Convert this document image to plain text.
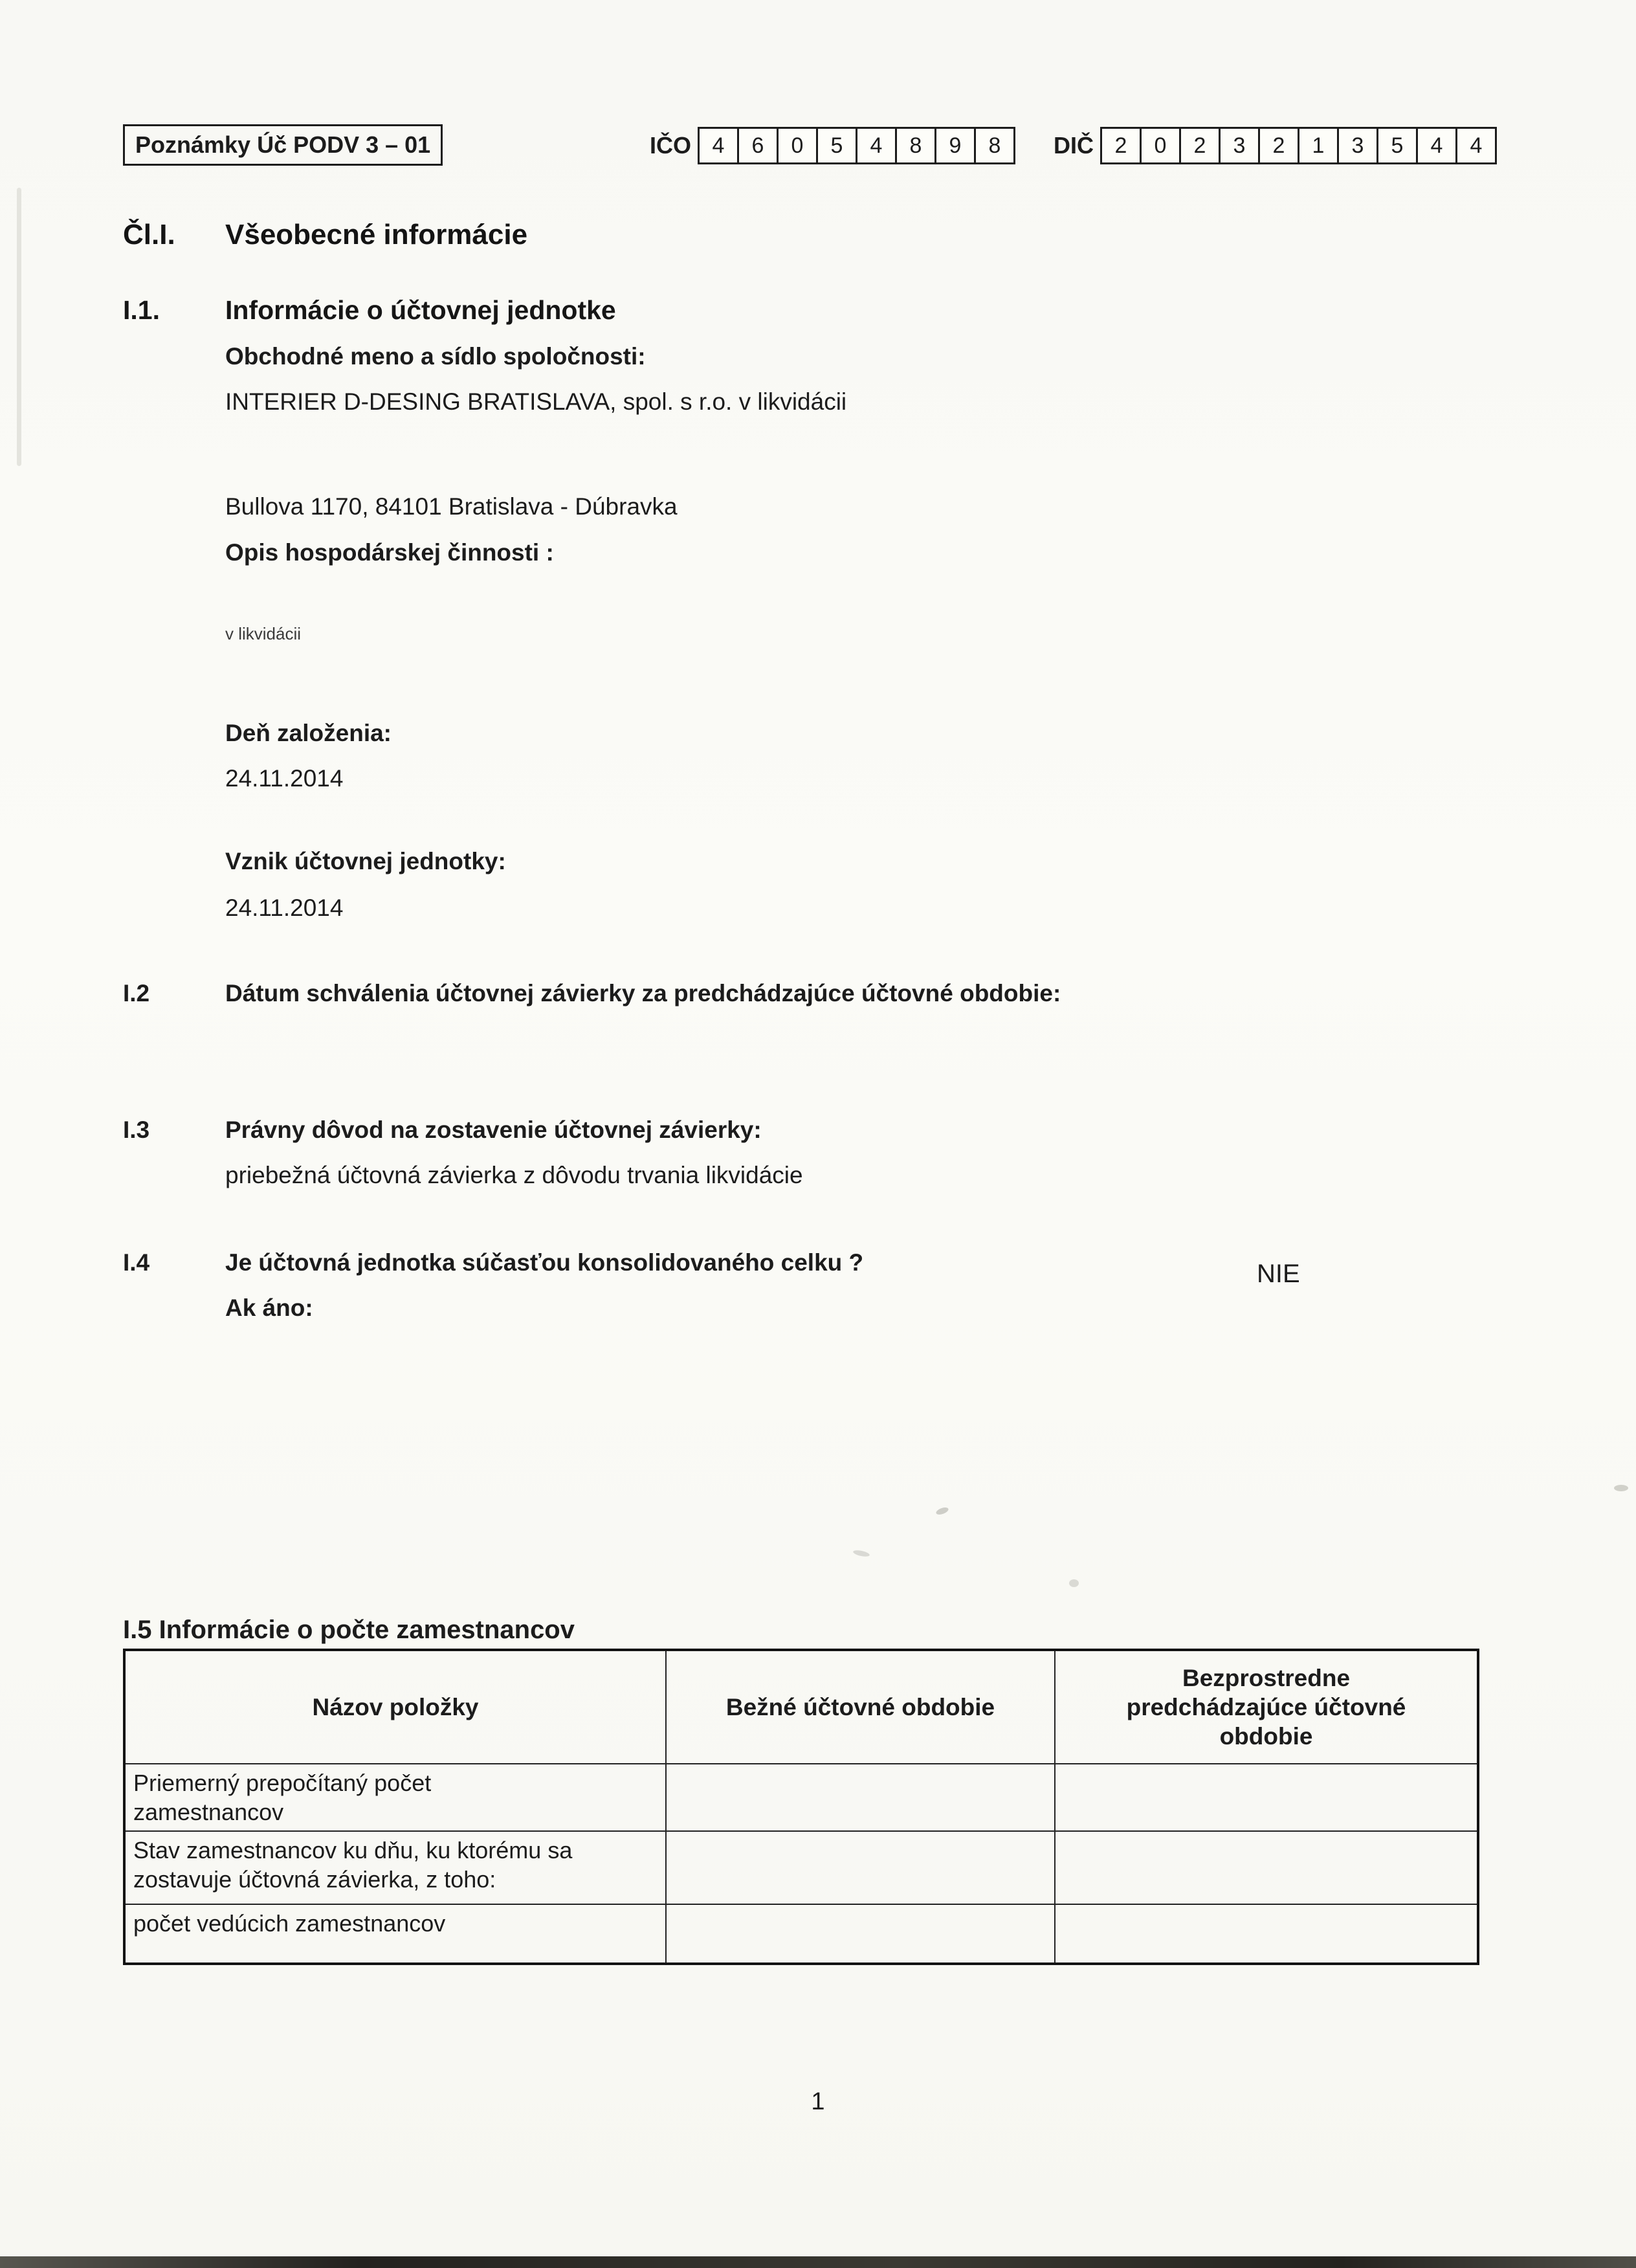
Poznámky Úč PODV 3 – 01	IČO 4	6	0	5	4	8	9	8	DIČ 2	0	2	3	2	1	3	5	4	4
Čl.I. Všeobecné informácie
I.1. Informácie o účtovnej jednotke
Obchodné meno a sídlo spoločnosti:
INTERIER D-DESING BRATISLAVA, spol. s r.o. v likvidácii
Bullova 1170, 84101 Bratislava - Dúbravka
Opis hospodárskej činnosti :
v likvidácii
Deň založenia:
24.11.2014
Vznik účtovnej jednotky:
24.11.2014
I.2	Dátum schválenia účtovnej závierky za predchádzajúce účtovné obdobie:
I.3	Právny dôvod na zostavenie účtovnej závierky:
priebežná účtovná závierka z dôvodu trvania likvidácie
I.4	Je účtovná jednotka súčasťou konsolidovaného celku ?
Ak áno:
NIE
I.5 Informácie o počte zamestnancov
Názov položky	Bežné účtovné obdobie	Bezprostredne predchádzajúce účtovné obdobie
Priemerný prepočítaný počet zamestnancov		
Stav zamestnancov ku dňu, ku ktorému sa zostavuje účtovná závierka, z toho:		
počet vedúcich zamestnancov		
1
